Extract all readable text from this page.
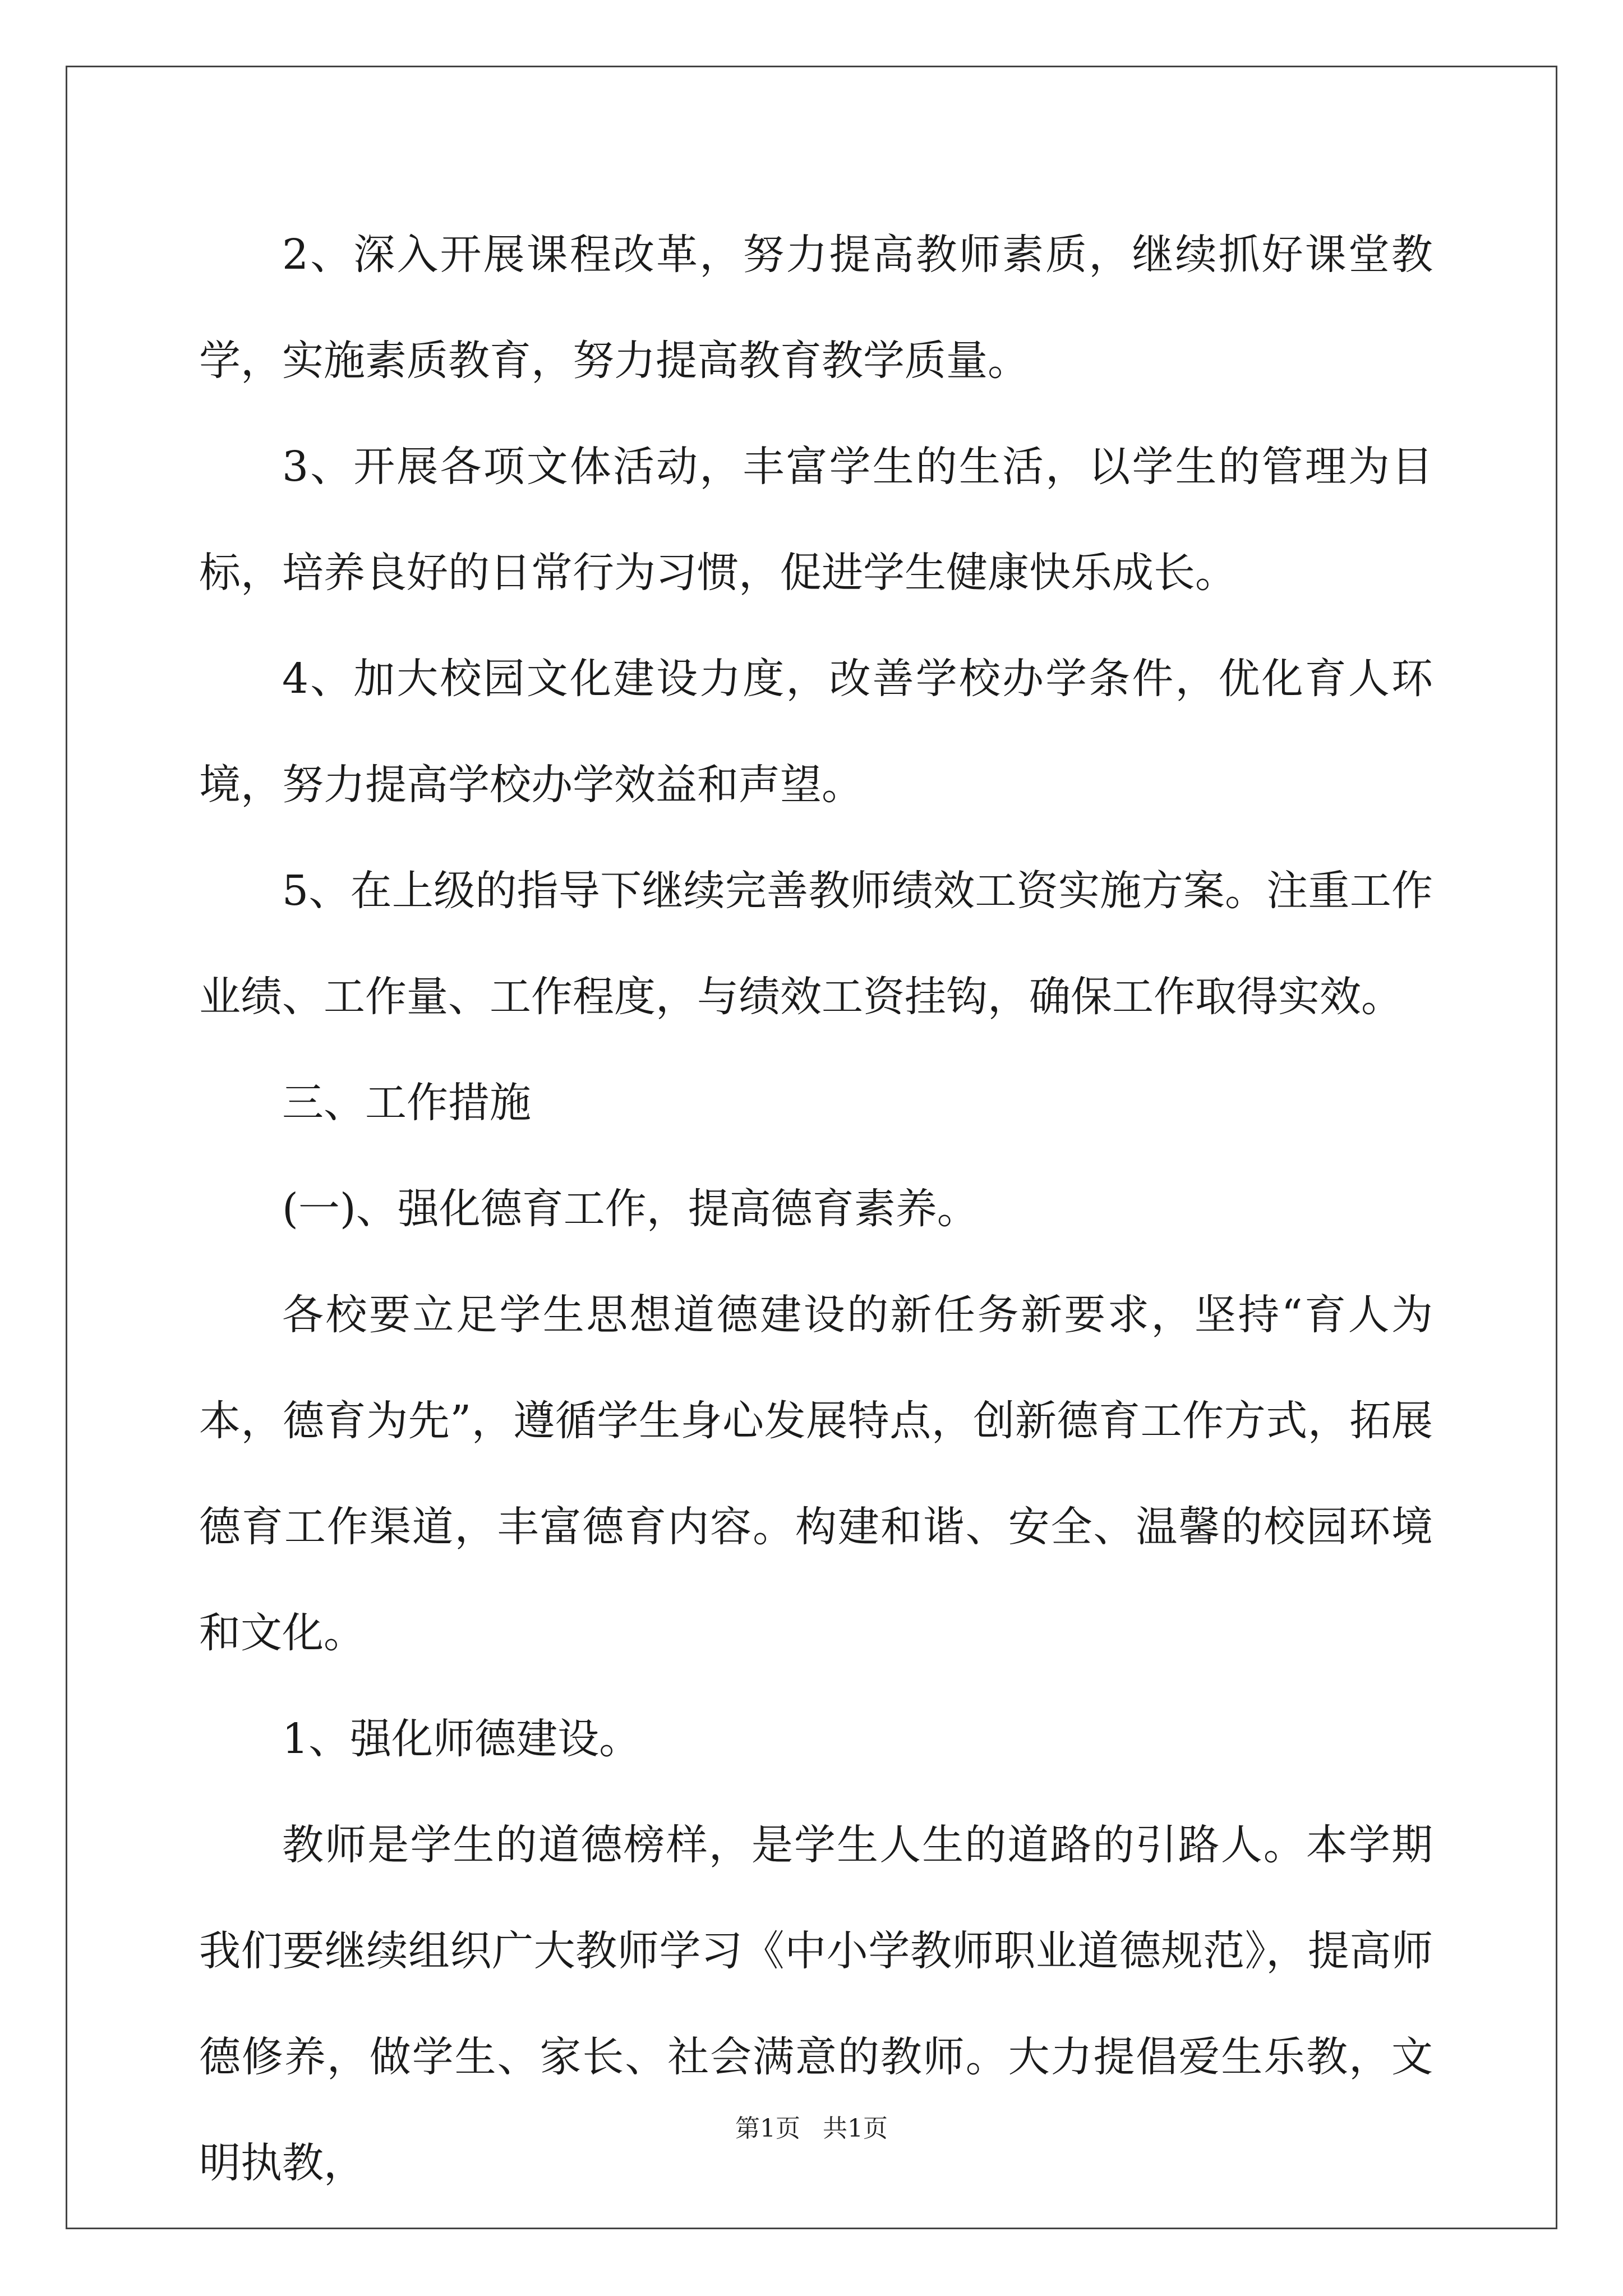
2、深入开展课程改革，努力提高教师素质，继续抓好课堂教学，实施素质教育，努力提高教育教学质量。

3、开展各项文体活动，丰富学生的生活，以学生的管理为目标，培养良好的日常行为习惯，促进学生健康快乐成长。

4、加大校园文化建设力度，改善学校办学条件，优化育人环境，努力提高学校办学效益和声望。

5、在上级的指导下继续完善教师绩效工资实施方案。注重工作业绩、工作量、工作程度，与绩效工资挂钩，确保工作取得实效。

三、工作措施

(一)、强化德育工作，提高德育素养。

各校要立足学生思想道德建设的新任务新要求，坚持“育人为本，德育为先”，遵循学生身心发展特点，创新德育工作方式，拓展德育工作渠道，丰富德育内容。构建和谐、安全、温馨的校园环境和文化。

1、强化师德建设。

教师是学生的道德榜样，是学生人生的道路的引路人。本学期我们要继续组织广大教师学习《中小学教师职业道德规范》，提高师德修养，做学生、家长、社会满意的教师。大力提倡爱生乐教，文明执教，

第1页 共1页
